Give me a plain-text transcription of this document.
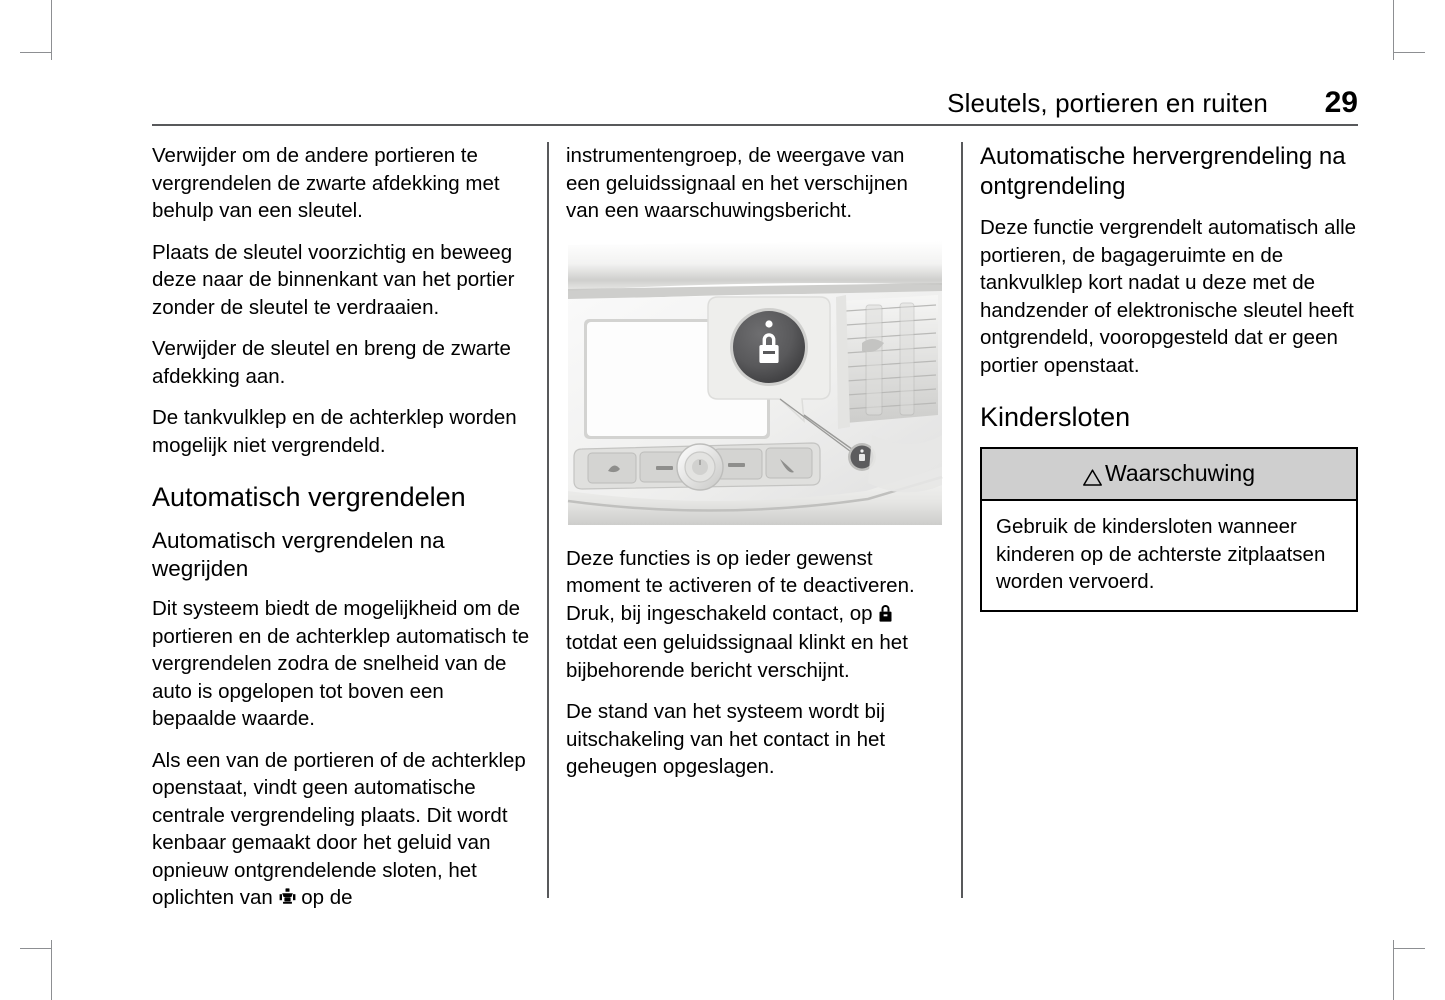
Sleutels, portieren en ruiten	29

Verwijder om de andere portieren te vergrendelen de zwarte afdekking met behulp van een sleutel.

Plaats de sleutel voorzichtig en beweeg deze naar de binnenkant van het portier zonder de sleutel te verdraaien.

Verwijder de sleutel en breng de zwarte afdekking aan.

De tankvulklep en de achterklep worden mogelijk niet vergrendeld.

Automatisch vergrendelen
Automatisch vergrendelen na wegrijden

Dit systeem biedt de mogelijkheid om de portieren en de achterklep automatisch te vergrendelen zodra de snelheid van de auto is opgelopen tot boven een bepaalde waarde.

Als een van de portieren of de achterklep openstaat, vindt geen automatische centrale vergrendeling plaats. Dit wordt kenbaar gemaakt door het geluid van opnieuw ontgrendelende sloten, het oplichten van  op de

instrumentengroep, de weergave van een geluidssignaal en het verschijnen van een waarschuwingsbericht.

Deze functies is op ieder gewenst moment te activeren of te deactiveren. Druk, bij ingeschakeld contact, op  totdat een geluidssignaal klinkt en het bijbehorende bericht verschijnt.

De stand van het systeem wordt bij uitschakeling van het contact in het geheugen opgeslagen.

Automatische hervergrendeling na ontgrendeling

Deze functie vergrendelt automatisch alle portieren, de bagageruimte en de tankvulklep kort nadat u deze met de handzender of elektronische sleutel heeft ontgrendeld, vooropgesteld dat er geen portier openstaat.

Kindersloten
Waarschuwing
Gebruik de kindersloten wanneer kinderen op de achterste zitplaatsen worden vervoerd.
